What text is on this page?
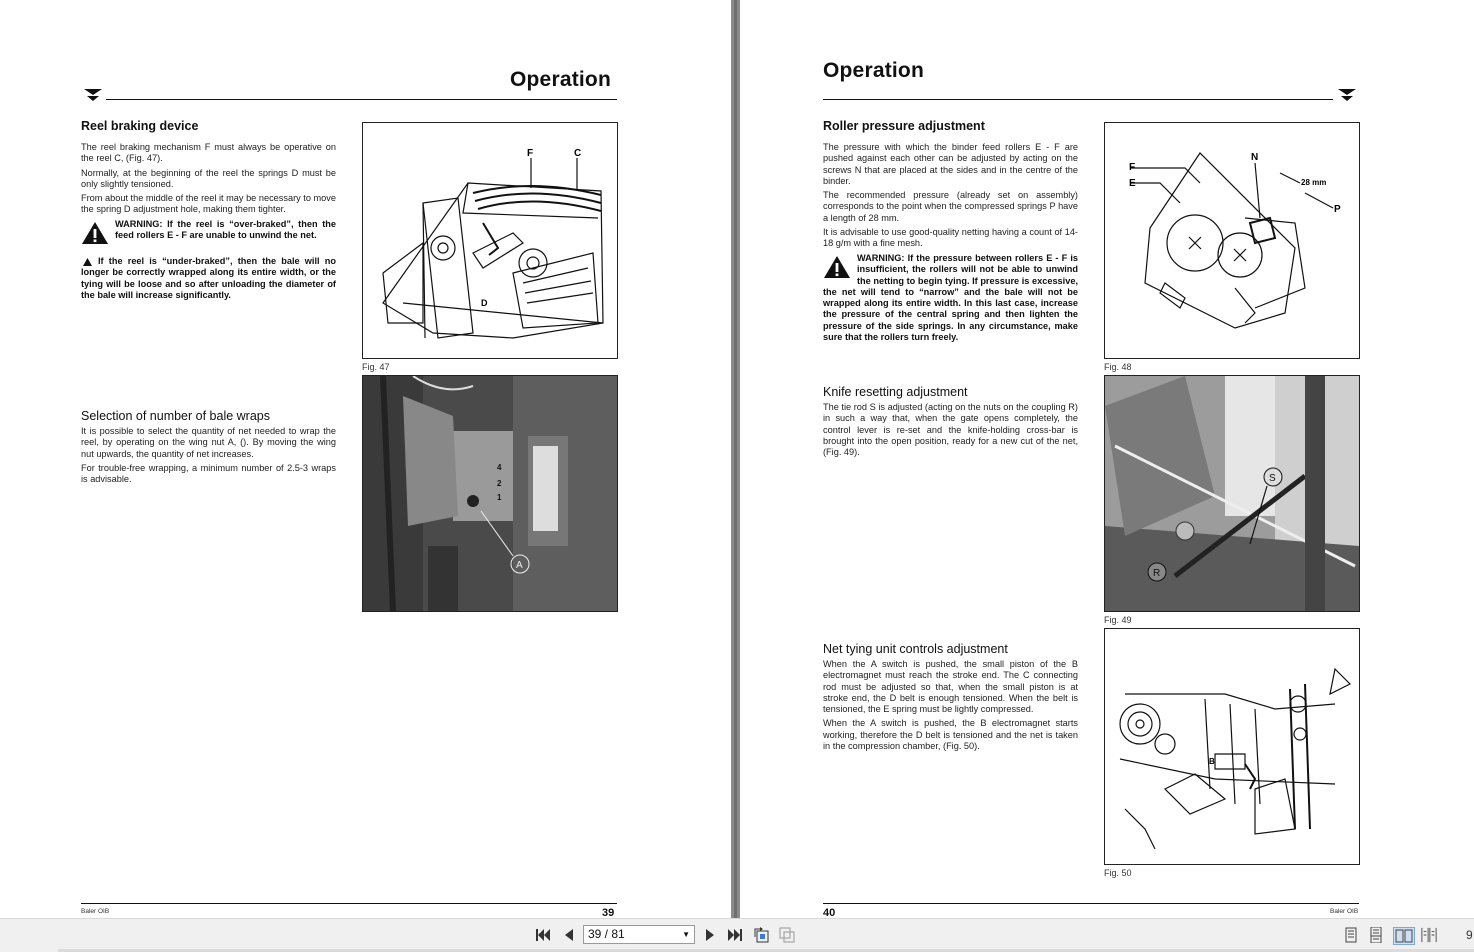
Operation
Reel braking device

The reel braking mechanism F must always be operative on the reel C, (Fig. 47).

Normally, at the beginning of the reel the springs D must be only slightly tensioned.

From about the middle of the reel it may be necessary to move the spring D adjustment hole, making them tighter.

WARNING: If the reel is “over-braked”, then the feed rollers E - F are unable to unwind the net.
If the reel is “under-braked”, then the bale will no longer be correctly wrapped along its entire width, or the tying will be loose and so after unloading the diameter of the bale will increase significantly.
Selection of number of bale wraps

It is possible to select the quantity of net needed to wrap the reel, by operating on the wing nut A, (). By moving the wing nut upwards, the quantity of net increases.

For trouble-free wrapping, a minimum number of 2.5-3 wraps is advisable.

F	C
D
Fig. 47
A
4
2
1
Baler OIB	39
Operation
Roller pressure adjustment

The pressure with which the binder feed rollers E - F are pushed against each other can be adjusted by acting on the screws N that are placed at the sides and in the centre of the binder.

The recommended pressure (already set on assembly) corresponds to the point when the compressed springs P have a length of 28 mm.

It is advisable to use good-quality netting having a count of 14-18 g/m with a fine mesh.

WARNING: If the pressure between rollers E - F is insufficient, the rollers will not be able to unwind the netting to begin tying. If pressure is excessive, the net will tend to “narrow” and the bale will not be wrapped along its entire width. In this last case, increase the pressure of the central spring and then lighten the pressure of the side springs. In any circumstance, make sure that the rollers turn freely.
Knife resetting adjustment

The tie rod S is adjusted (acting on the nuts on the coupling R) in such a way that, when the gate opens completely, the control lever is re-set and the knife-holding cross-bar is brought into the open position, ready for a new cut of the net, (Fig. 49).

Net tying unit controls adjustment

When the A switch is pushed, the small piston of the B electromagnet must reach the stroke end. The C connecting rod must be adjusted so that, when the small piston is at stroke end, the D belt is enough tensioned. When the belt is tensioned, the E spring must be lightly compressed.

When the A switch is pushed, the B electromagnet starts working, therefore the D belt is tensioned and the net is taken in the compression chamber, (Fig. 50).

F
E
N
P
28 mm
Fig. 48
S
R
Fig. 49
B
Fig. 50
40	Baler OIB
39 / 81	▼	9
